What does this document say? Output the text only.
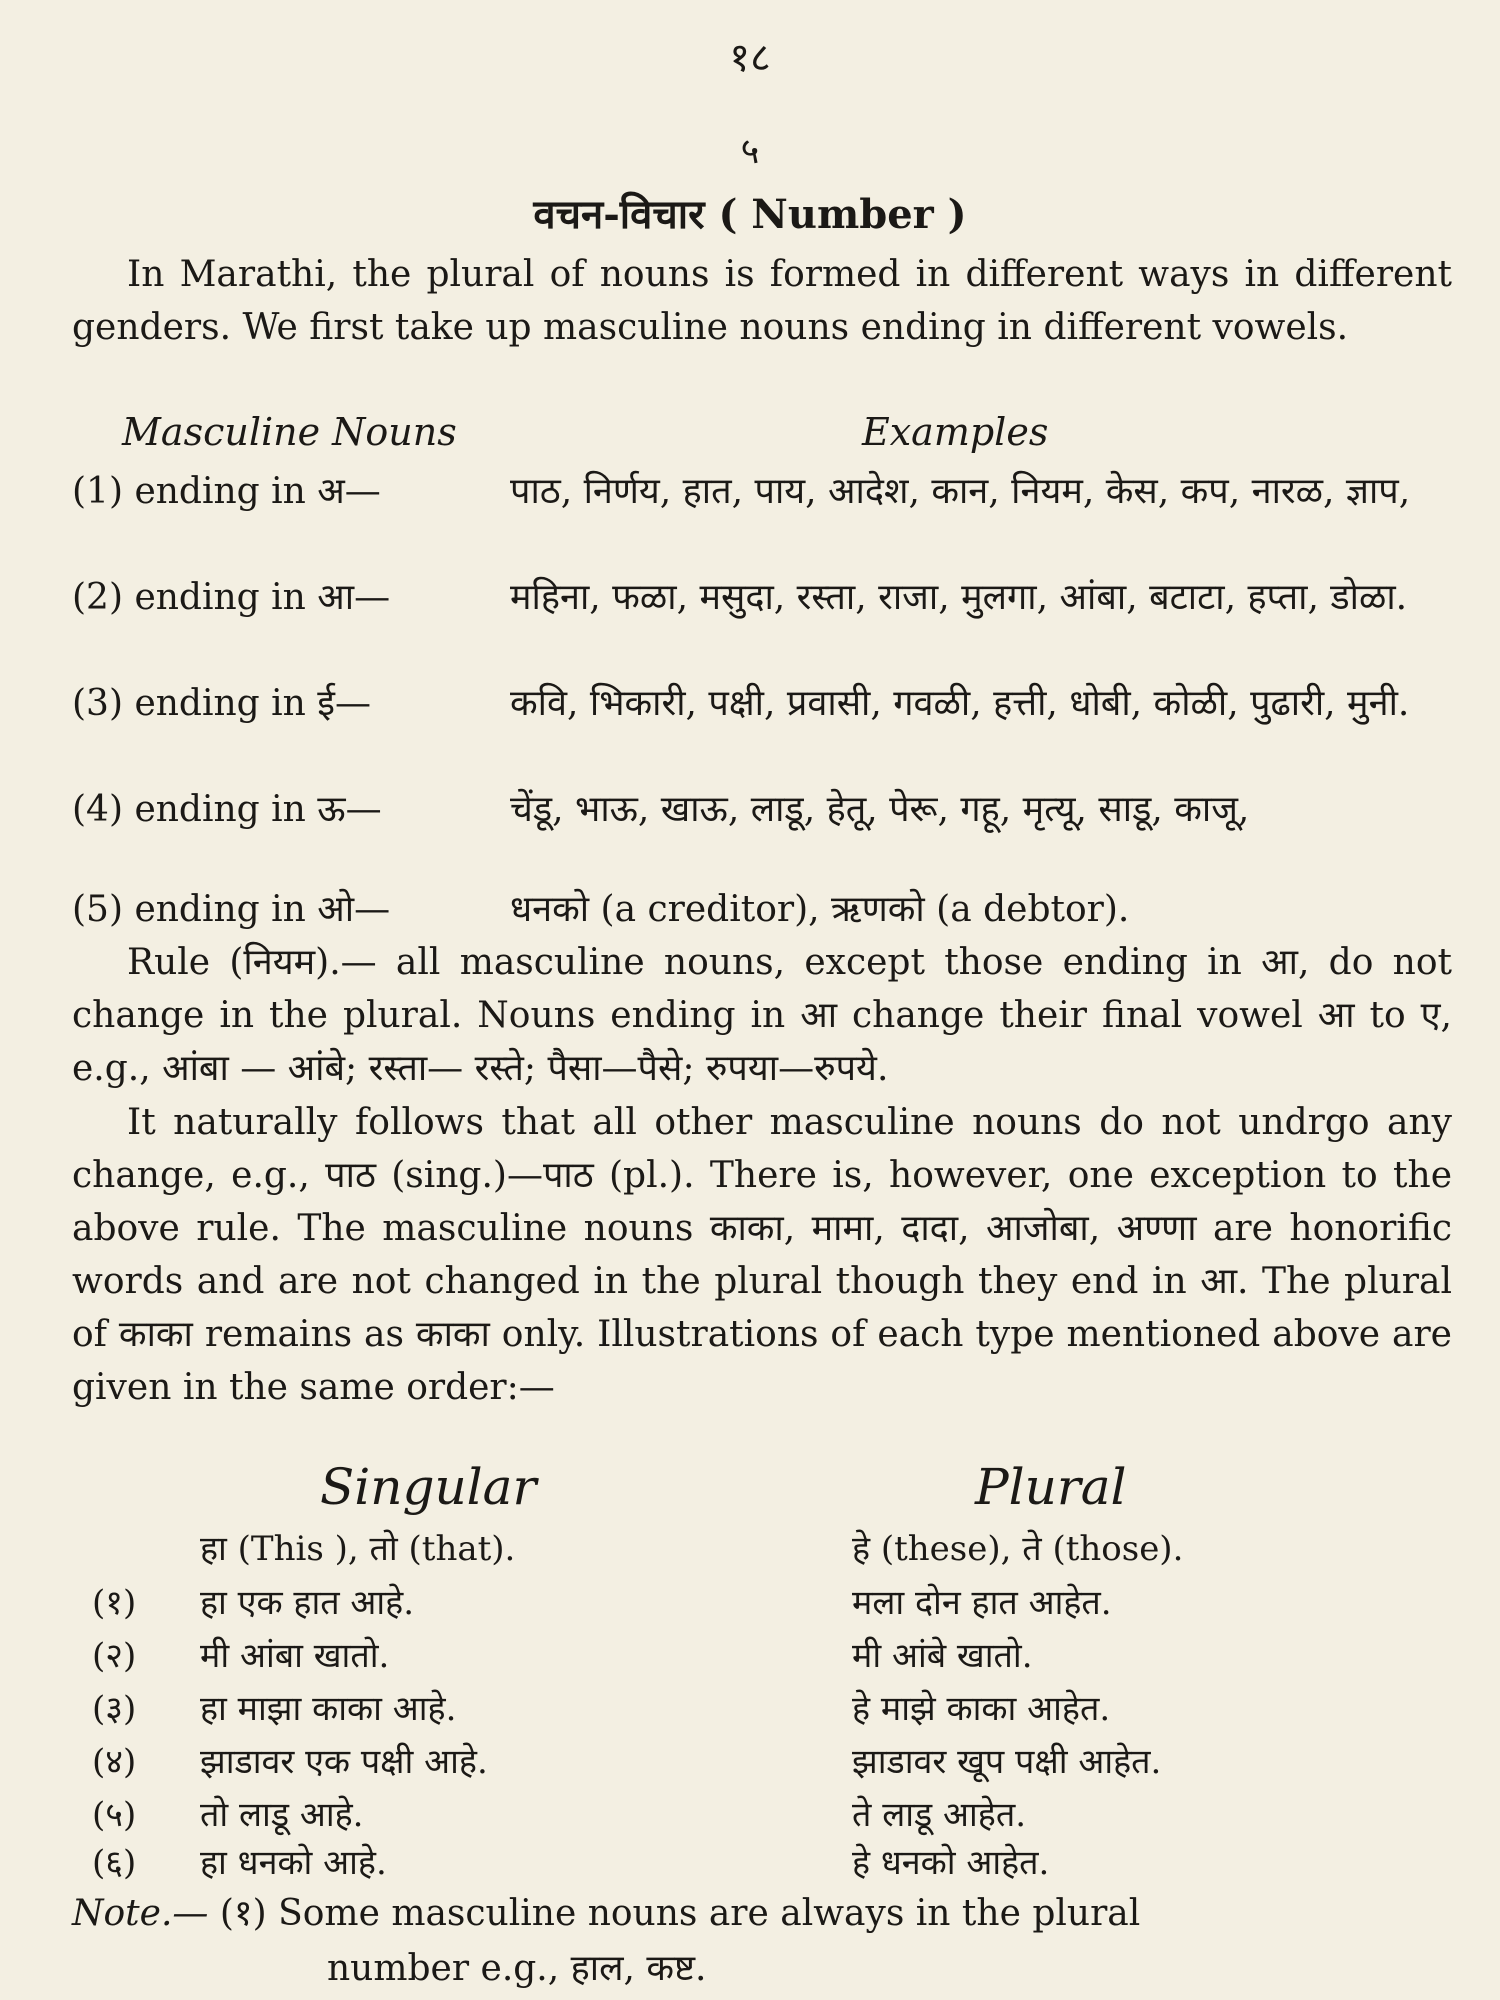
१८
५
वचन-विचार ( Number )
In Marathi, the plural of nouns is formed in different ways in different genders. We first take up masculine nouns ending in different vowels.
Masculine Nouns	Examples
(1) ending in अ—	पाठ, निर्णय, हात, पाय, आदेश, कान, नियम, केस, कप, नारळ, ज्ञाप,
(2) ending in आ—	महिना, फळा, मसुदा, रस्ता, राजा, मुलगा, आंबा, बटाटा, हप्ता, डोळा.
(3) ending in ई—	कवि, भिकारी, पक्षी, प्रवासी, गवळी, हत्ती, धोबी, कोळी, पुढारी, मुनी.
(4) ending in ऊ—	चेंडू, भाऊ, खाऊ, लाडू, हेतू, पेरू, गहू, मृत्यू, साडू, काजू,
(5) ending in ओ—	धनको (a creditor), ऋणको (a debtor).
Rule (नियम).— all masculine nouns, except those ending in आ, do not change in the plural. Nouns ending in आ change their final vowel आ to ए, e.g., आंबा — आंबे; रस्ता— रस्ते; पैसा—पैसे; रुपया—रुपये.
It naturally follows that all other masculine nouns do not undrgo any change, e.g., पाठ (sing.)—पाठ (pl.). There is, however, one exception to the above rule. The masculine nouns काका, मामा, दादा, आजोबा, अण्णा are honorific words and are not changed in the plural though they end in आ. The plural of काका remains as काका only. Illustrations of each type mentioned above are given in the same order:—
Singular	Plural
हा (This ), तो (that).	हे (these), ते (those).
(१) हा एक हात आहे.	मला दोन हात आहेत.
(२) मी आंबा खातो.	मी आंबे खातो.
(३) हा माझा काका आहे.	हे माझे काका आहेत.
(४) झाडावर एक पक्षी आहे.	झाडावर खूप पक्षी आहेत.
(५) तो लाडू आहे.	ते लाडू आहेत.
(६) हा धनको आहे.	हे धनको आहेत.
Note.— (१) Some masculine nouns are always in the plural
number e.g., हाल, कष्ट.
